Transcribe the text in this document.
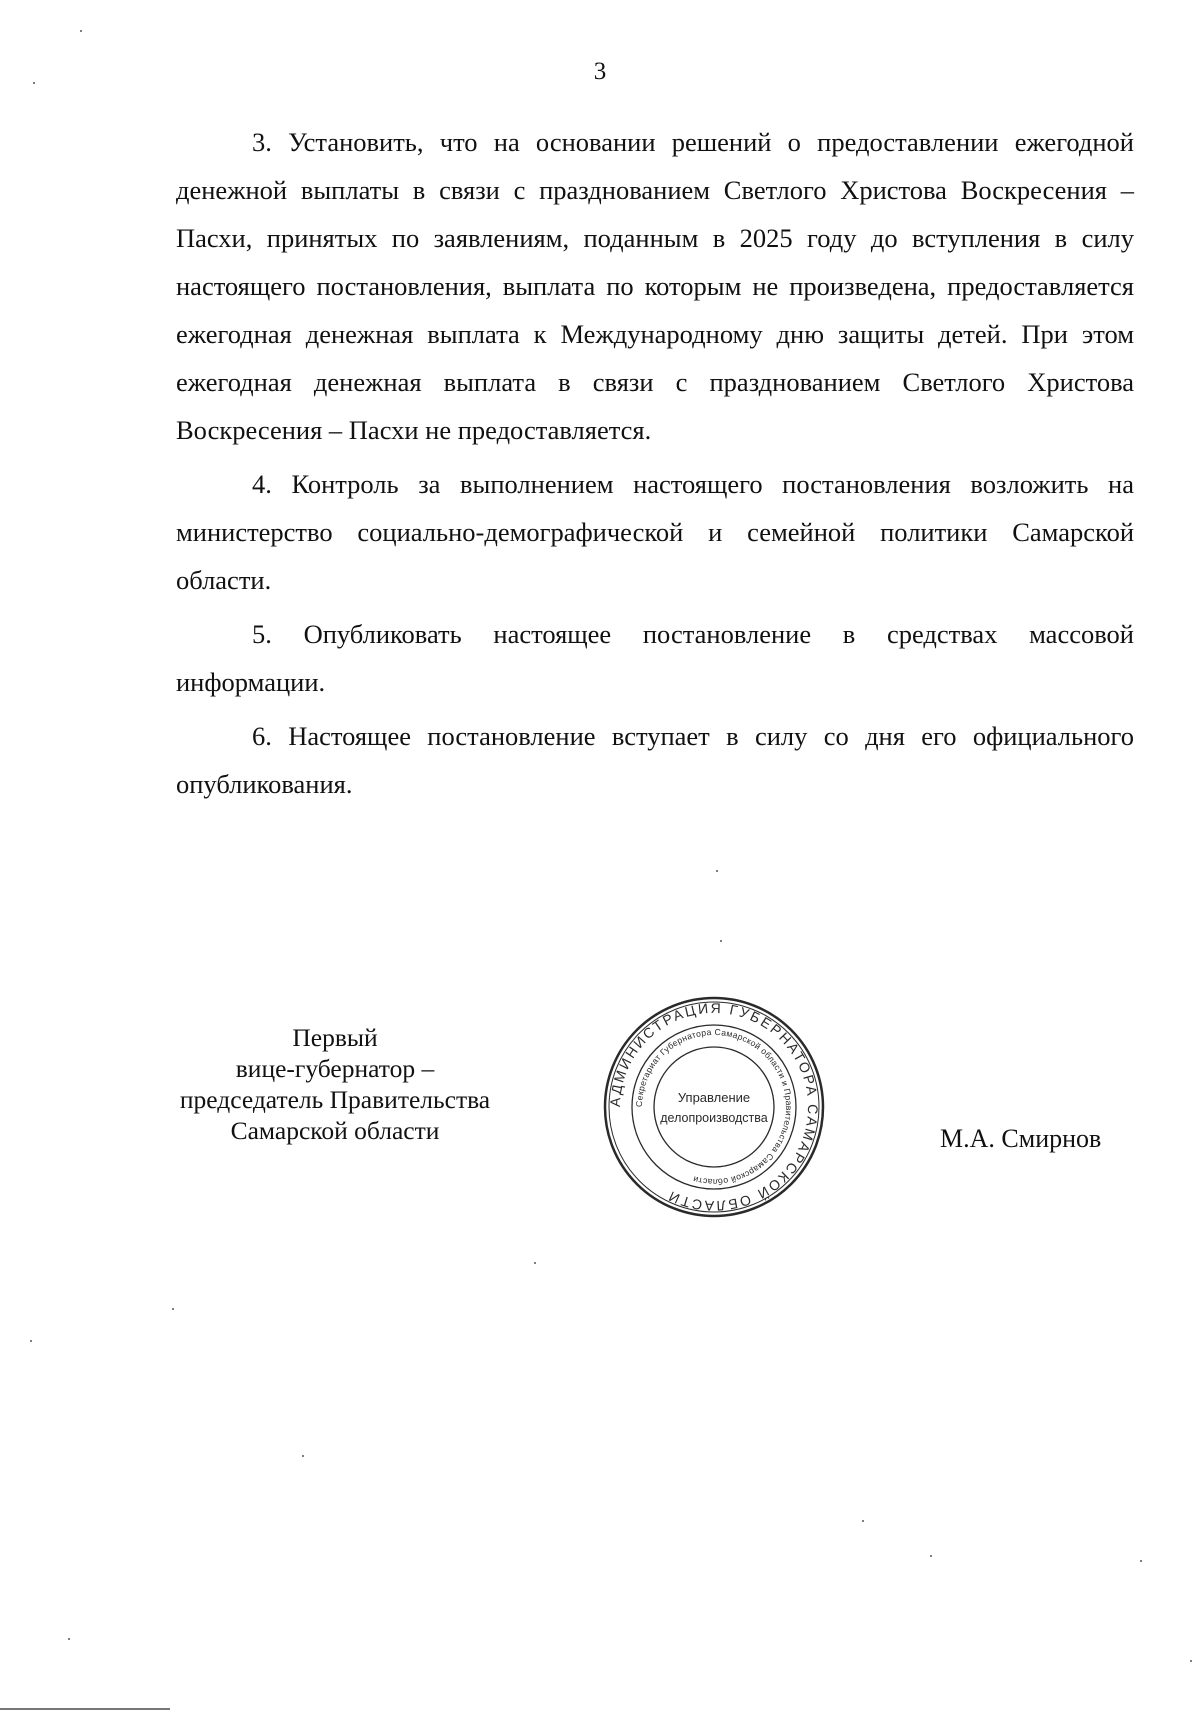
3

3. Установить, что на основании решений о предоставлении ежегодной денежной выплаты в связи с празднованием Светлого Христова Воскресения – Пасхи, принятых по заявлениям, поданным в 2025 году до вступления в силу настоящего постановления, выплата по которым не произведена, предоставляется ежегодная денежная выплата к Международному дню защиты детей. При этом ежегодная денежная выплата в связи с празднованием Светлого Христова Воскресения – Пасхи не предоставляется.

4. Контроль за выполнением настоящего постановления возложить на министерство социально-демографической и семейной политики Самарской области.

5. Опубликовать настоящее постановление в средствах массовой информации.

6. Настоящее постановление вступает в силу со дня его официального опубликования.

Первый
вице-губернатор –
председатель Правительства
Самарской области
АДМИНИСТРАЦИЯ ГУБЕРНАТОРА САМАРСКОЙ ОБЛАСТИ
Секретариат Губернатора Самарской области и Правительства Самарской области
Управление
делопроизводства
М.А. Смирнов
